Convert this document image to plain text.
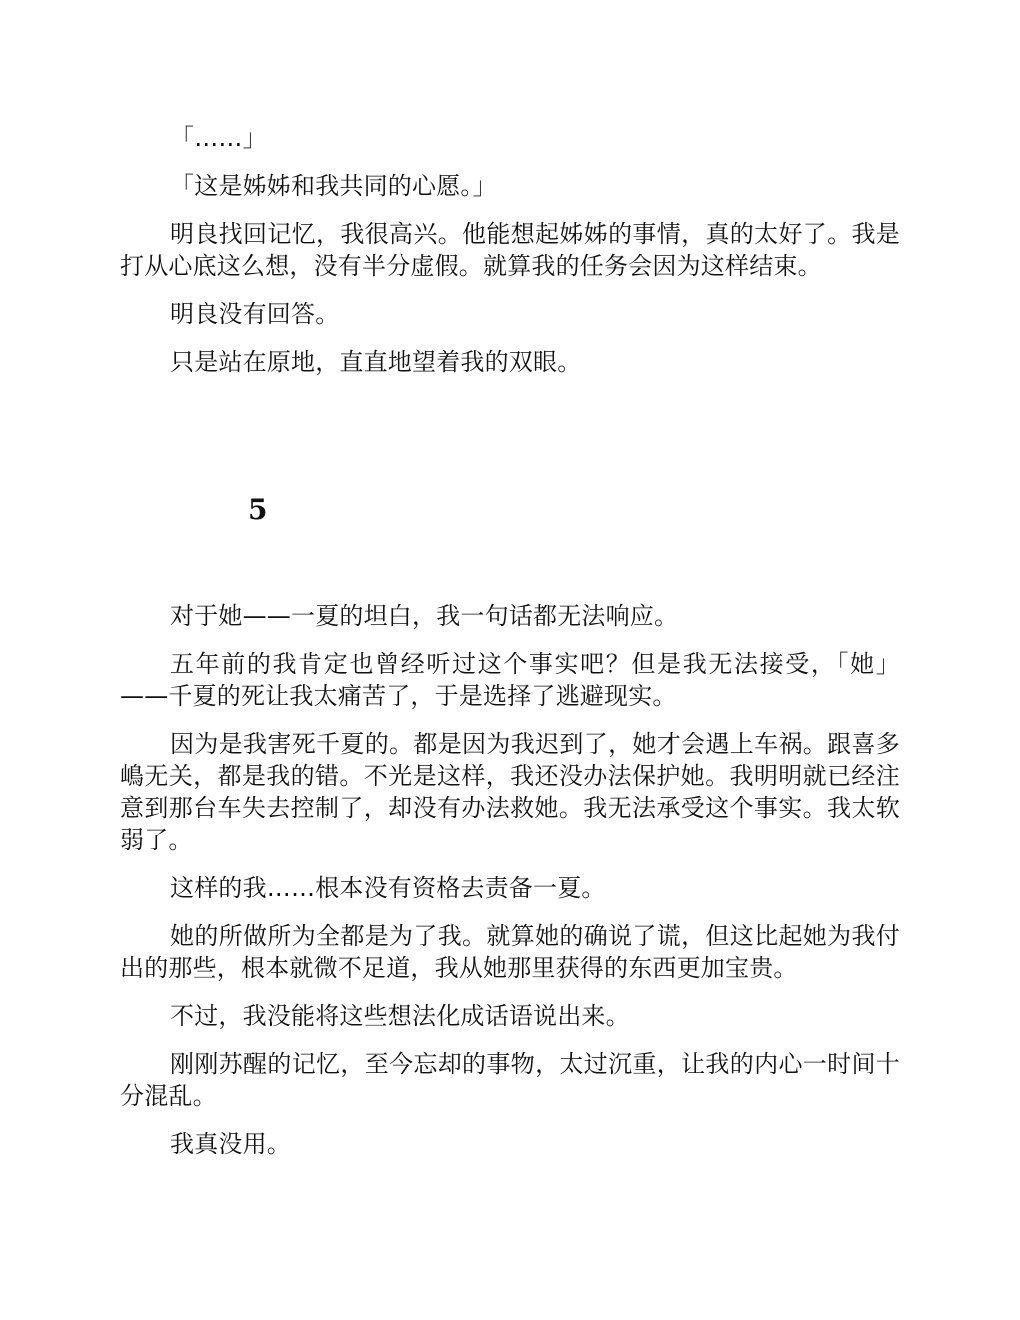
「……」

「这是姊姊和我共同的心愿。」

明良找回记忆，我很高兴。他能想起姊姊的事情，真的太好了。我是打从心底这么想，没有半分虚假。就算我的任务会因为这样结束。

明良没有回答。

只是站在原地，直直地望着我的双眼。

5

对于她——一夏的坦白，我一句话都无法响应。

五年前的我肯定也曾经听过这个事实吧？但是我无法接受，「她」——千夏的死让我太痛苦了，于是选择了逃避现实。

因为是我害死千夏的。都是因为我迟到了，她才会遇上车祸。跟喜多嶋无关，都是我的错。不光是这样，我还没办法保护她。我明明就已经注意到那台车失去控制了，却没有办法救她。我无法承受这个事实。我太软弱了。

这样的我……根本没有资格去责备一夏。

她的所做所为全都是为了我。就算她的确说了谎，但这比起她为我付出的那些，根本就微不足道，我从她那里获得的东西更加宝贵。

不过，我没能将这些想法化成话语说出来。

刚刚苏醒的记忆，至今忘却的事物，太过沉重，让我的内心一时间十分混乱。

我真没用。
